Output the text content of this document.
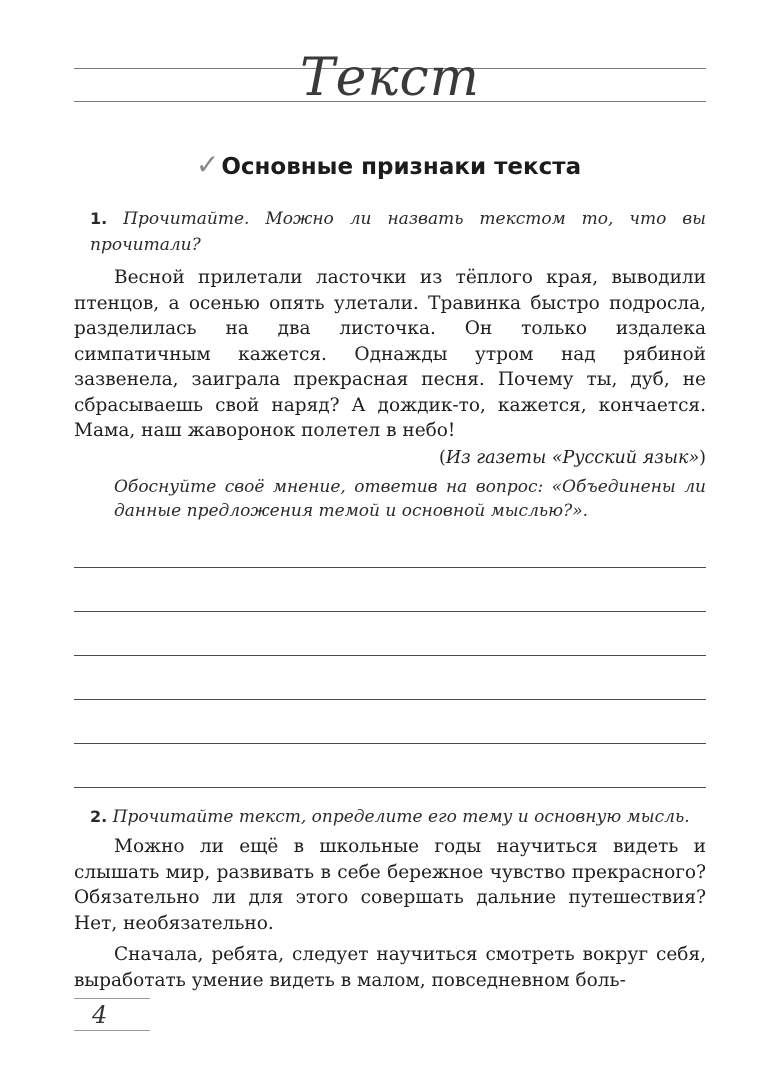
Текст
✓Основные признаки текста
1. Прочитайте. Можно ли назвать текстом то, что вы прочитали?

Весной прилетали ласточки из тёплого края, выводили птенцов, а осенью опять улетали. Травинка быстро подросла, разделилась на два листочка. Он только издалека симпатичным кажется. Однажды утром над рябиной зазвенела, заиграла прекрасная песня. Почему ты, дуб, не сбрасываешь свой наряд? А дождик-то, кажется, кончается. Мама, наш жаворонок полетел в небо!

(Из газеты «Русский язык»)

Обоснуйте своё мнение, ответив на вопрос: «Объединены ли данные предложения темой и основной мыслью?».

2. Прочитайте текст, определите его тему и основную мысль.

Можно ли ещё в школьные годы научиться видеть и слышать мир, развивать в себе бережное чувство прекрасного? Обязательно ли для этого совершать дальние путешествия? Нет, необязательно.

Сначала, ребята, следует научиться смотреть вокруг себя, выработать умение видеть в малом, повседневном боль-

4
